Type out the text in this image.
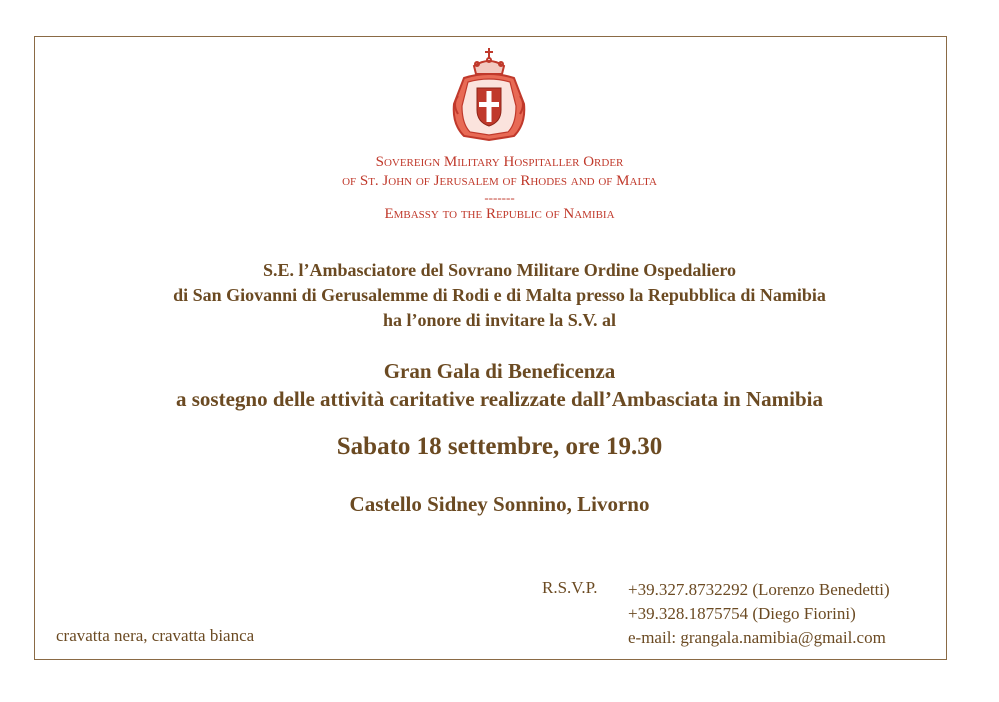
Sovereign Military Hospitaller Order
of St. John of Jerusalem of Rhodes and of Malta
-------
Embassy to the Republic of Namibia
S.E. l’Ambasciatore del Sovrano Militare Ordine Ospedaliero
di San Giovanni di Gerusalemme di Rodi e di Malta presso la Repubblica di Namibia
ha l’onore di invitare la S.V. al
Gran Gala di Beneficenza
a sostegno delle attività caritative realizzate dall’Ambasciata in Namibia
Sabato 18 settembre, ore 19.30
Castello Sidney Sonnino, Livorno
cravatta nera, cravatta bianca
R.S.V.P. +39.327.8732292 (Lorenzo Benedetti)
+39.328.1875754 (Diego Fiorini)
e-mail: grangala.namibia@gmail.com
